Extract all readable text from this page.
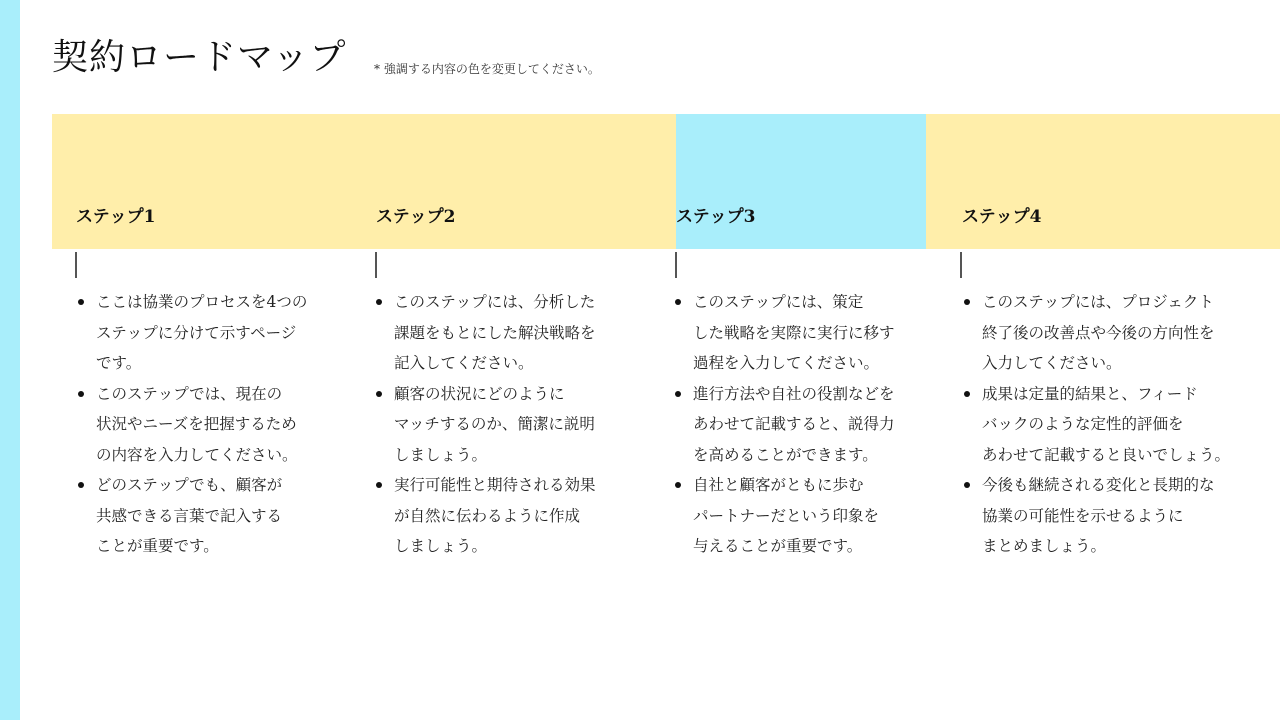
契約ロードマップ * 強調する内容の色を変更してください。
ステップ1
ここは協業のプロセスを4つの
ステップに分けて示すページ
です。
このステップでは、現在の
状況やニーズを把握するため
の内容を入力してください。
どのステップでも、顧客が
共感できる言葉で記入する
ことが重要です。
ステップ2
このステップには、分析した
課題をもとにした解決戦略を
記入してください。
顧客の状況にどのように
マッチするのか、簡潔に説明
しましょう。
実行可能性と期待される効果
が自然に伝わるように作成
しましょう。
ステップ3
このステップには、策定
した戦略を実際に実行に移す
過程を入力してください。
進行方法や自社の役割などを
あわせて記載すると、説得力
を高めることができます。
自社と顧客がともに歩む
パートナーだという印象を
与えることが重要です。
ステップ4
このステップには、プロジェクト
終了後の改善点や今後の方向性を
入力してください。
成果は定量的結果と、フィード
バックのような定性的評価を
あわせて記載すると良いでしょう。
今後も継続される変化と長期的な
協業の可能性を示せるように
まとめましょう。
